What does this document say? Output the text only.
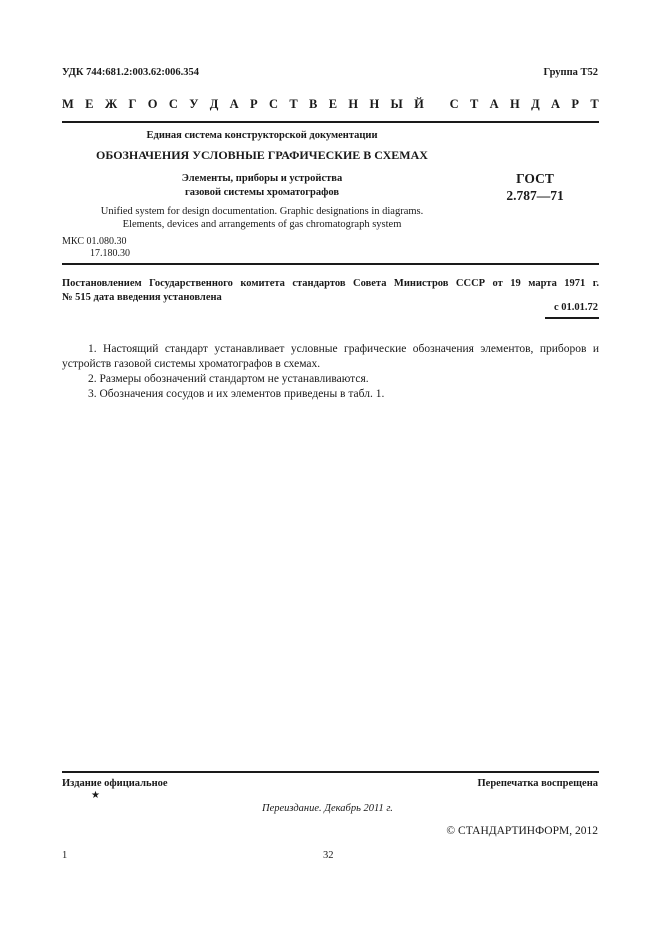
УДК 744:681.2:003.62:006.354	Группа Т52
М Е Ж Г О С У Д А Р С Т В Е Н Н Ы Й
С Т А Н Д А Р Т
Единая система конструкторской документации
ОБОЗНАЧЕНИЯ УСЛОВНЫЕ ГРАФИЧЕСКИЕ В СХЕМАХ
Элементы, приборы и устройства
газовой системы хроматографов
ГОСТ
2.787—71
Unified system for design documentation. Graphic designations in diagrams.
Elements, devices and arrangements of gas chromatograph system
МКС 01.080.30
17.180.30
Постановлением Государственного комитета стандартов Совета Министров СССР от 19 марта 1971 г.
№ 515 дата введения установлена
с 01.01.72

1. Настоящий стандарт устанавливает условные графические обозначения элементов, приборов и устройств газовой системы хроматографов в схемах.

2. Размеры обозначений стандартом не устанавливаются.

3. Обозначения сосудов и их элементов приведены в табл. 1.

Издание официальное	Перепечатка воспрещена
★
Переиздание. Декабрь 2011 г.
© СТАНДАРТИНФОРМ, 2012
1	32
